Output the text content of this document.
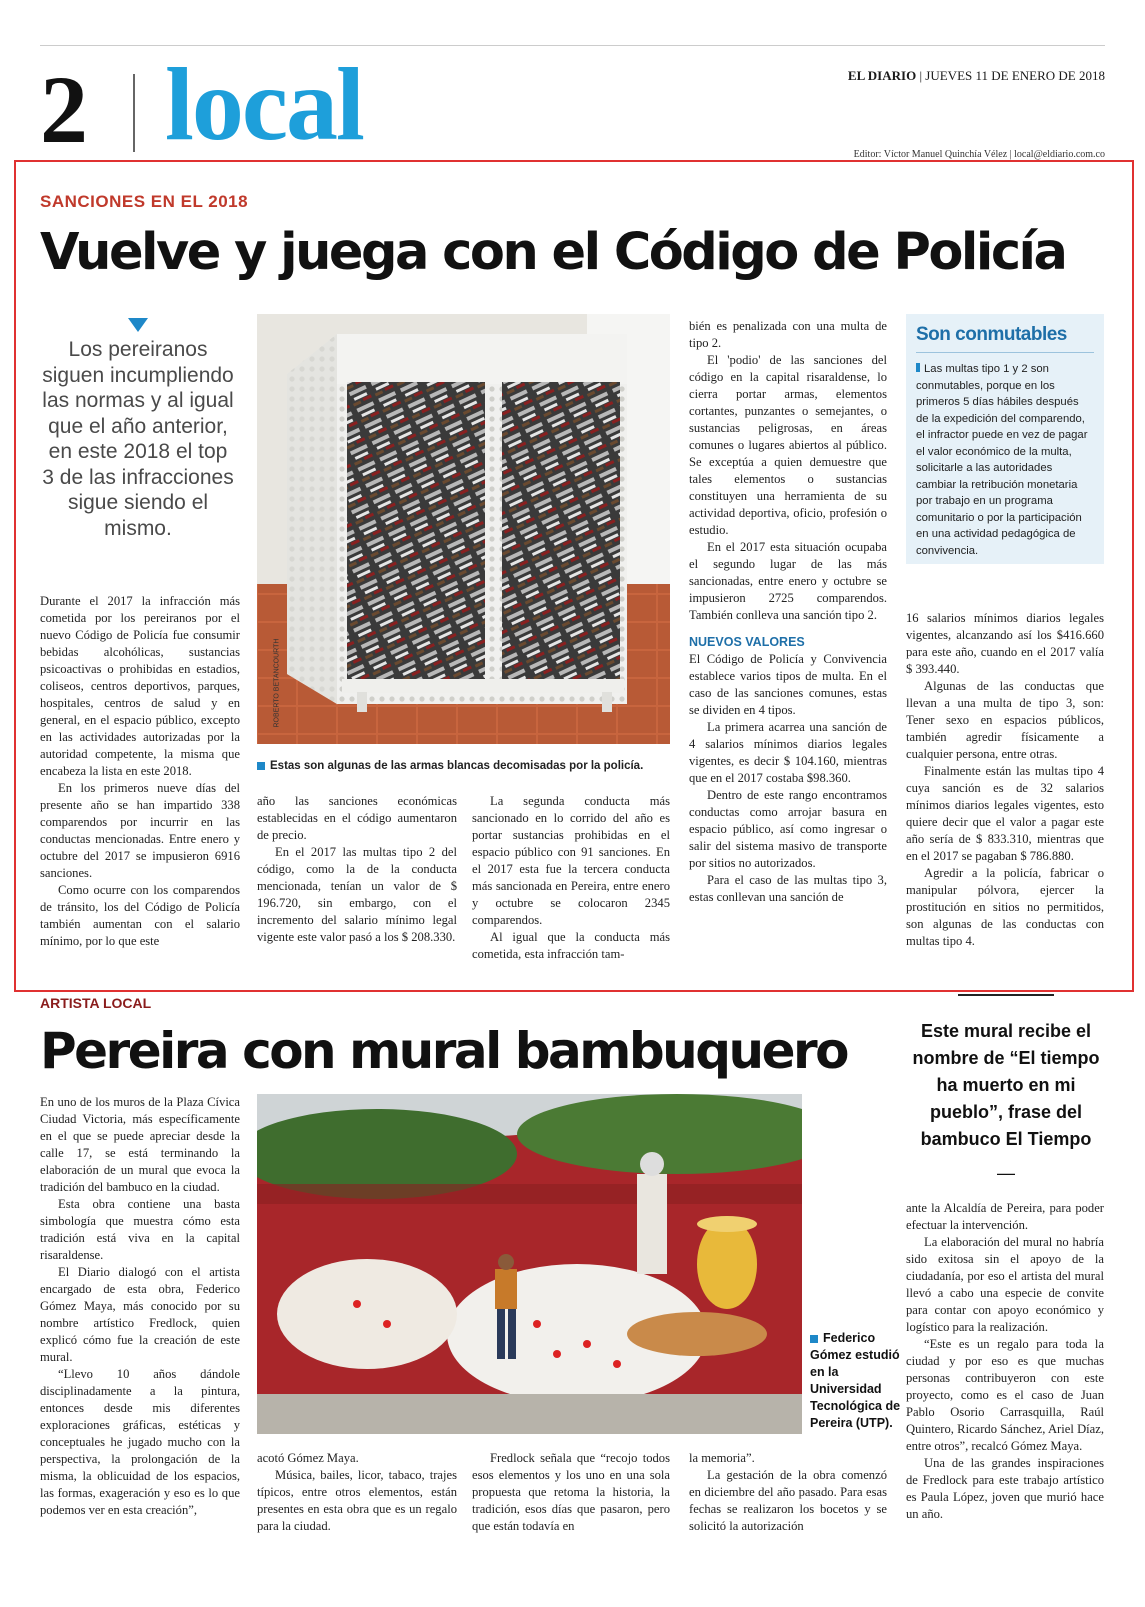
2 local	EL DIARIO | JUEVES 11 DE ENERO DE 2018
Editor: Víctor Manuel Quinchía Vélez | local@eldiario.com.co
SANCIONES EN EL 2018
Vuelve y juega con el Código de Policía
Los pereiranos siguen incumpliendo las normas y al igual que el año anterior, en este 2018 el top 3 de las infracciones sigue siendo el mismo.
ROBERTO BETANCOURTH
Estas son algunas de las armas blancas decomisadas por la policía.

Durante el 2017 la infracción más cometida por los pereiranos por el nuevo Código de Policía fue consumir bebidas alcohólicas, sustancias psicoactivas o prohibidas en estadios, coliseos, centros deportivos, parques, hospitales, centros de salud y en general, en el espacio público, excepto en las actividades autorizadas por la autoridad competente, la misma que encabeza la lista en este 2018.

En los primeros nueve días del presente año se han impartido 338 comparendos por incurrir en las conductas mencionadas. Entre enero y octubre del 2017 se impusieron 6916 sanciones.

Como ocurre con los comparendos de tránsito, los del Código de Policía también aumentan con el salario mínimo, por lo que este

año las sanciones económicas establecidas en el código aumentaron de precio.

En el 2017 las multas tipo 2 del código, como la de la conducta mencionada, tenían un valor de $ 196.720, sin embargo, con el incremento del salario mínimo legal vigente este valor pasó a los $ 208.330.

La segunda conducta más sancionado en lo corrido del año es portar sustancias prohibidas en el espacio público con 91 sanciones. En el 2017 esta fue la tercera conducta más sancionada en Pereira, entre enero y octubre se colocaron 2345 comparendos.

Al igual que la conducta más cometida, esta infracción tam-

bién es penalizada con una multa de tipo 2.

El 'podio' de las sanciones del código en la capital risaraldense, lo cierra portar armas, elementos cortantes, punzantes o semejantes, o sustancias peligrosas, en áreas comunes o lugares abiertos al público. Se exceptúa a quien demuestre que tales elementos o sustancias constituyen una herramienta de su actividad deportiva, oficio, profesión o estudio.

En el 2017 esta situación ocupaba el segundo lugar de las más sancionadas, entre enero y octubre se impusieron 2725 comparendos. También conlleva una sanción tipo 2.

NUEVOS VALORES

El Código de Policía y Convivencia establece varios tipos de multa. En el caso de las sanciones comunes, estas se dividen en 4 tipos.

La primera acarrea una sanción de 4 salarios mínimos diarios legales vigentes, es decir $ 104.160, mientras que en el 2017 costaba $98.360.

Dentro de este rango encontramos conductas como arrojar basura en espacio público, así como ingresar o salir del sistema masivo de transporte por sitios no autorizados.

Para el caso de las multas tipo 3, estas conllevan una sanción de

Son conmutables

Las multas tipo 1 y 2 son conmutables, porque en los primeros 5 días hábiles después de la expedición del comparendo, el infractor puede en vez de pagar el valor económico de la multa, solicitarle a las autoridades cambiar la retribución monetaria por trabajo en un programa comunitario o por la participación en una actividad pedagógica de convivencia.

16 salarios mínimos diarios legales vigentes, alcanzando así los $416.660 para este año, cuando en el 2017 valía $ 393.440.

Algunas de las conductas que llevan a una multa de tipo 3, son: Tener sexo en espacios públicos, también agredir físicamente a cualquier persona, entre otras.

Finalmente están las multas tipo 4 cuya sanción es de 32 salarios mínimos diarios legales vigentes, esto quiere decir que el valor a pagar este año sería de $ 833.310, mientras que en el 2017 se pagaban $ 786.880.

Agredir a la policía, fabricar o manipular pólvora, ejercer la prostitución en sitios no permitidos, son algunas de las conductas con multas tipo 4.

ARTISTA LOCAL
Pereira con mural bambuquero	Este mural recibe el nombre de “El tiempo ha muerto en mi pueblo”, frase del bambuco El Tiempo
—
Federico Gómez estudió en la Universidad Tecnológica de Pereira (UTP).

En uno de los muros de la Plaza Cívica Ciudad Victoria, más específicamente en el que se puede apreciar desde la calle 17, se está terminando la elaboración de un mural que evoca la tradición del bambuco en la ciudad.

Esta obra contiene una basta simbología que muestra cómo esta tradición está viva en la capital risaraldense.

El Diario dialogó con el artista encargado de esta obra, Federico Gómez Maya, más conocido por su nombre artístico Fredlock, quien explicó cómo fue la creación de este mural.

“Llevo 10 años dándole disciplinadamente a la pintura, entonces desde mis diferentes exploraciones gráficas, estéticas y conceptuales he jugado mucho con la perspectiva, la prolongación de la misma, la oblicuidad de los espacios, las formas, exageración y eso es lo que podemos ver en esta creación”,

acotó Gómez Maya.

Música, bailes, licor, tabaco, trajes típicos, entre otros elementos, están presentes en esta obra que es un regalo para la ciudad.

Fredlock señala que “recojo todos esos elementos y los uno en una sola propuesta que retoma la historia, la tradición, esos días que pasaron, pero que están todavía en

la memoria”.

La gestación de la obra comenzó en diciembre del año pasado. Para esas fechas se realizaron los bocetos y se solicitó la autorización

ante la Alcaldía de Pereira, para poder efectuar la intervención.

La elaboración del mural no habría sido exitosa sin el apoyo de la ciudadanía, por eso el artista del mural llevó a cabo una especie de convite para contar con apoyo económico y logístico para la realización.

“Este es un regalo para toda la ciudad y por eso es que muchas personas contribuyeron con este proyecto, como es el caso de Juan Pablo Osorio Carrasquilla, Raúl Quintero, Ricardo Sánchez, Ariel Díaz, entre otros”, recalcó Gómez Maya.

Una de las grandes inspiraciones de Fredlock para este trabajo artístico es Paula López, joven que murió hace un año.
